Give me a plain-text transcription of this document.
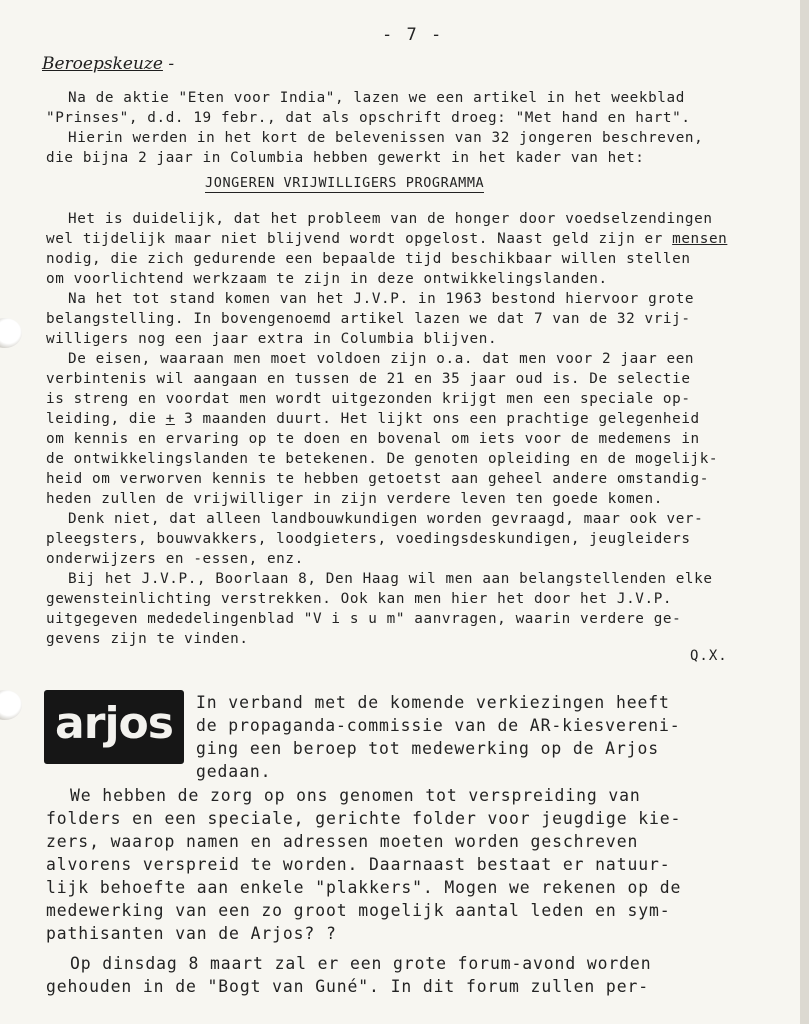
- 7 -
Beroepskeuze -
Na de aktie "Eten voor India", lazen we een artikel in het weekblad
"Prinses", d.d. 19 febr., dat als opschrift droeg: "Met hand en hart".
Hierin werden in het kort de belevenissen van 32 jongeren beschreven,
die bijna 2 jaar in Columbia hebben gewerkt in het kader van het:
JONGEREN VRIJWILLIGERS PROGRAMMA
Het is duidelijk, dat het probleem van de honger door voedselzendingen
wel tijdelijk maar niet blijvend wordt opgelost. Naast geld zijn er mensen
nodig, die zich gedurende een bepaalde tijd beschikbaar willen stellen
om voorlichtend werkzaam te zijn in deze ontwikkelingslanden.
Na het tot stand komen van het J.V.P. in 1963 bestond hiervoor grote
belangstelling. In bovengenoemd artikel lazen we dat 7 van de 32 vrij-
willigers nog een jaar extra in Columbia blijven.
De eisen, waaraan men moet voldoen zijn o.a. dat men voor 2 jaar een
verbintenis wil aangaan en tussen de 21 en 35 jaar oud is. De selectie
is streng en voordat men wordt uitgezonden krijgt men een speciale op-
leiding, die + 3 maanden duurt. Het lijkt ons een prachtige gelegenheid
om kennis en ervaring op te doen en bovenal om iets voor de medemens in
de ontwikkelingslanden te betekenen. De genoten opleiding en de mogelijk-
heid om verworven kennis te hebben getoetst aan geheel andere omstandig-
heden zullen de vrijwilliger in zijn verdere leven ten goede komen.
Denk niet, dat alleen landbouwkundigen worden gevraagd, maar ook ver-
pleegsters, bouwvakkers, loodgieters, voedingsdeskundigen, jeugleiders
onderwijzers en -essen, enz.
Bij het J.V.P., Boorlaan 8, Den Haag wil men aan belangstellenden elke
gewensteinlichting verstrekken. Ook kan men hier het door het J.V.P.
uitgegeven mededelingenblad "V i s u m" aanvragen, waarin verdere ge-
gevens zijn te vinden.
Q.X.
arjos	In verband met de komende verkiezingen heeft
de propaganda-commissie van de AR-kiesvereni-
ging een beroep tot medewerking op de Arjos
gedaan.
We hebben de zorg op ons genomen tot verspreiding van
folders en een speciale, gerichte folder voor jeugdige kie-
zers, waarop namen en adressen moeten worden geschreven
alvorens verspreid te worden. Daarnaast bestaat er natuur-
lijk behoefte aan enkele "plakkers". Mogen we rekenen op de
medewerking van een zo groot mogelijk aantal leden en sym-
pathisanten van de Arjos? ?
Op dinsdag 8 maart zal er een grote forum-avond worden
gehouden in de "Bogt van Guné". In dit forum zullen per-
